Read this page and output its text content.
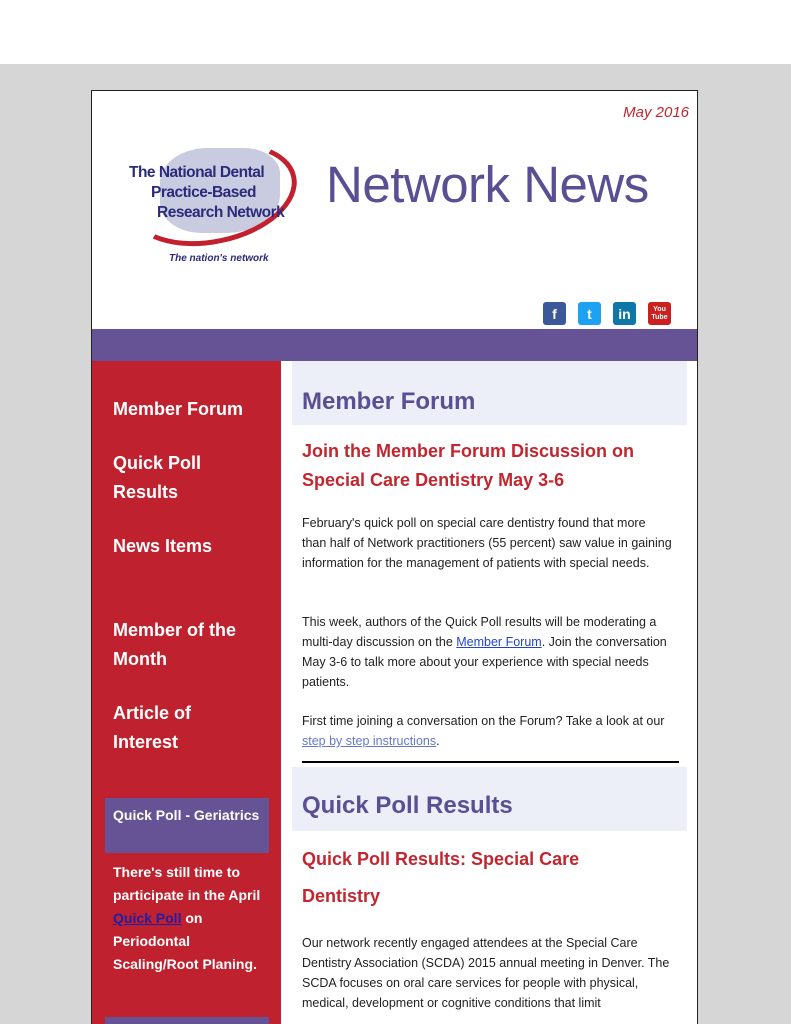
May 2016
The National Dental
Practice-Based
Research Network
The nation's network
Network News
f	t	in	You Tube
Member Forum
Quick Poll Results
News Items
Member of the Month
Article of Interest
Quick Poll - Geriatrics
There's still time to participate in the April Quick Poll on Periodontal Scaling/Root Planing.
Member Forum
Join the Member Forum Discussion on Special Care Dentistry May 3-6
February's quick poll on special care dentistry found that more than half of Network practitioners (55 percent) saw value in gaining information for the management of patients with special needs.
This week, authors of the Quick Poll results will be moderating a multi-day discussion on the Member Forum. Join the conversation May 3-6 to talk more about your experience with special needs patients.
First time joining a conversation on the Forum? Take a look at our step by step instructions.
Quick Poll Results
Quick Poll Results: Special Care Dentistry
Our network recently engaged attendees at the Special Care Dentistry Association (SCDA) 2015 annual meeting in Denver. The SCDA focuses on oral care services for people with physical, medical, development or cognitive conditions that limit
